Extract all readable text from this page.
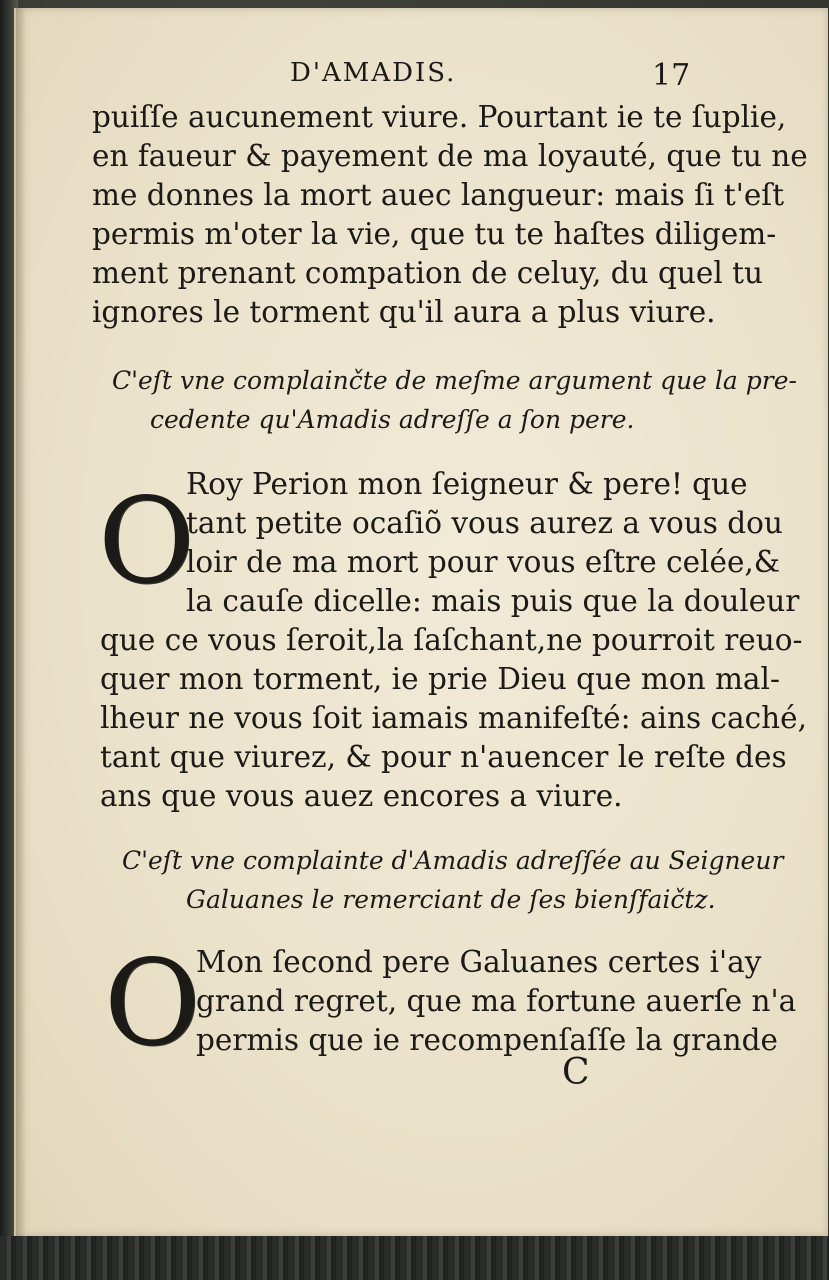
D'AMADIS.	17
puiſſe aucunement viure. Pourtant ie te ſuplie,
en faueur & payement de ma loyauté, que tu ne
me donnes la mort auec langueur: mais ſi t'eſt
permis m'oter la vie, que tu te haſtes diligem-
ment prenant compation de celuy, du quel tu
ignores le torment qu'il aura a plus viure.
C'eſt vne complainčte de meſme argument que la pre-
cedente qu'Amadis adreſſe a ſon pere.
O
Roy Perion mon ſeigneur & pere! que
tant petite ocaſiõ vous aurez a vous dou
loir de ma mort pour vous eſtre celée,&
la cauſe dicelle: mais puis que la douleur
que ce vous ſeroit,la ſaſchant,ne pourroit reuo-
quer mon torment, ie prie Dieu que mon mal-
lheur ne vous ſoit iamais manifeſté: ains caché,
tant que viurez, & pour n'auencer le reſte des
ans que vous auez encores a viure.
C'eſt vne complainte d'Amadis adreſſée au Seigneur
Galuanes le remerciant de ſes bienſfaičtz.
O
Mon ſecond pere Galuanes certes i'ay
grand regret, que ma fortune auerſe n'a
permis que ie recompenſaſſe la grande
C
